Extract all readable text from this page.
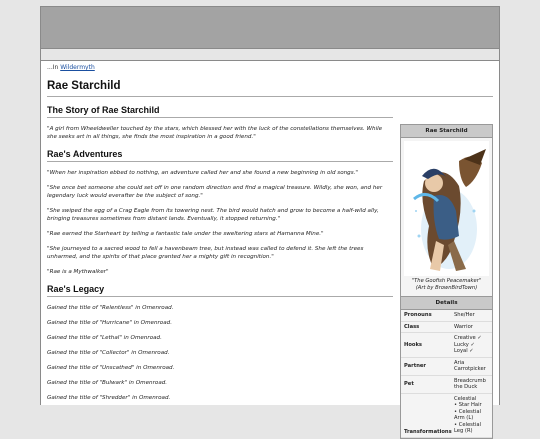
...In Wildermyth
Rae Starchild
The Story of Rae Starchild

"A girl from Wheeldweller touched by the stars, which blessed her with the luck of the constellations themselves. While she seeks art in all things, she finds the most inspiration in a good friend."

Rae's Adventures

"When her inspiration ebbed to nothing, an adventure called her and she found a new beginning in old songs."

"She once bet someone she could set off in one random direction and find a magical treasure. Wildly, she won, and her legendary luck would everafter be the subject of song."

"She swiped the egg of a Crag Eagle from its towering nest. The bird would hatch and grow to become a half-wild ally, bringing treasures sometimes from distant lands. Eventually, it stopped returning."

"Rae earned the Starheart by telling a fantastic tale under the sweltering stars at Hamanna Mine."

"She journeyed to a sacred wood to fell a havenbeam tree, but instead was called to defend it. She left the trees unharmed, and the spirits of that place granted her a mighty gift in recognition."

"Rae is a Mythwalker"

Rae's Legacy

Gained the title of "Relentless" in Omenroad.

Gained the title of "Hurricane" in Omenroad.

Gained the title of "Lethal" in Omenroad.

Gained the title of "Collector" in Omenroad.

Gained the title of "Unscathed" in Omenroad.

Gained the title of "Bulwark" in Omenroad.

Gained the title of "Shredder" in Omenroad.

Rae Starchild
"The Goofish Peacemaker"
(Art by BrownBirdTown)
Details
Pronouns	She/Her
Class	Warrior
Hooks
Creative ✓
Lucky ✓
Loyal ✓
Partner
Aria
Carrotpicker
Pet
Breadcrumb
the Duck
Transformations
Celestial
• Star Hair
• Celestial
Arm (L)
• Celestial
Leg (R)
